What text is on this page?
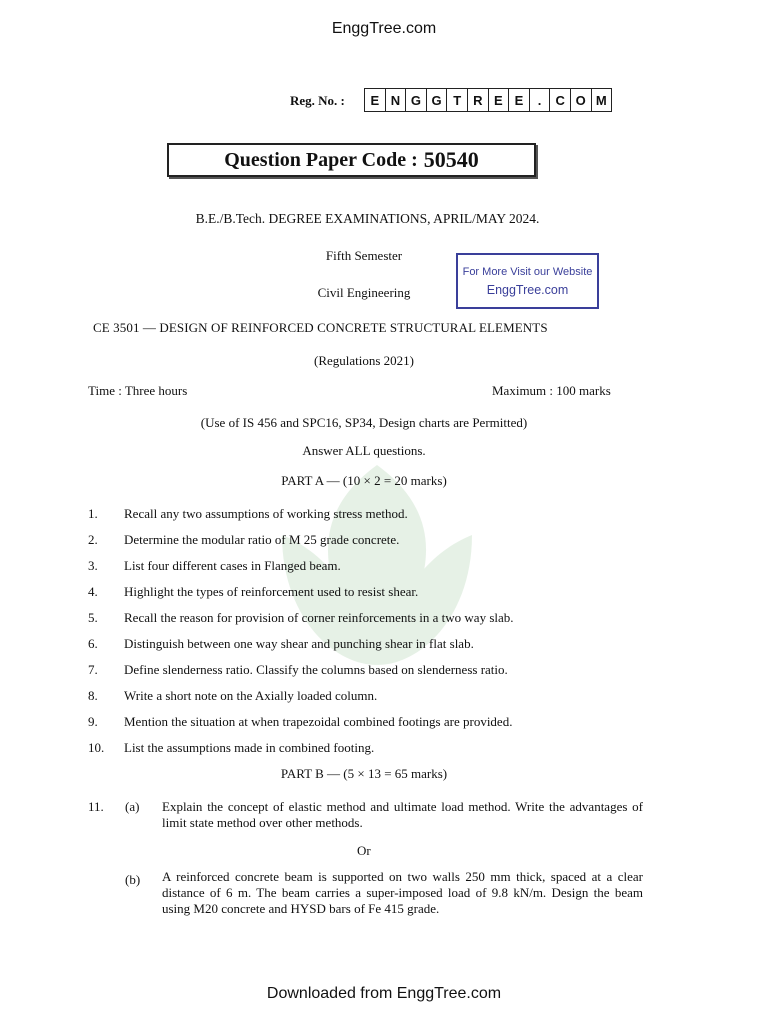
EnggTree.com
Reg. No. :	E N G G T R E E	.	C O M
Question Paper Code : 50540
B.E./B.Tech. DEGREE EXAMINATIONS, APRIL/MAY 2024.
Fifth Semester
Civil Engineering
For More Visit our Website
EnggTree.com
CE 3501 — DESIGN OF REINFORCED CONCRETE STRUCTURAL ELEMENTS
(Regulations 2021)
Time : Three hours	Maximum : 100 marks
(Use of IS 456 and SPC16, SP34, Design charts are Permitted)
Answer ALL questions.
PART A — (10 × 2 = 20 marks)
1. Recall any two assumptions of working stress method.
2. Determine the modular ratio of M 25 grade concrete.
3. List four different cases in Flanged beam.
4. Highlight the types of reinforcement used to resist shear.
5. Recall the reason for provision of corner reinforcements in a two way slab.
6. Distinguish between one way shear and punching shear in flat slab.
7. Define slenderness ratio. Classify the columns based on slenderness ratio.
8. Write a short note on the Axially loaded column.
9. Mention the situation at when trapezoidal combined footings are provided.
10. List the assumptions made in combined footing.
PART B — (5 × 13 = 65 marks)
11. (a) Explain the concept of elastic method and ultimate load method. Write the advantages of limit state method over other methods.
Or
(b) A reinforced concrete beam is supported on two walls 250 mm thick, spaced at a clear distance of 6 m. The beam carries a super-imposed load of 9.8 kN/m. Design the beam using M20 concrete and HYSD bars of Fe 415 grade.
Downloaded from EnggTree.com
